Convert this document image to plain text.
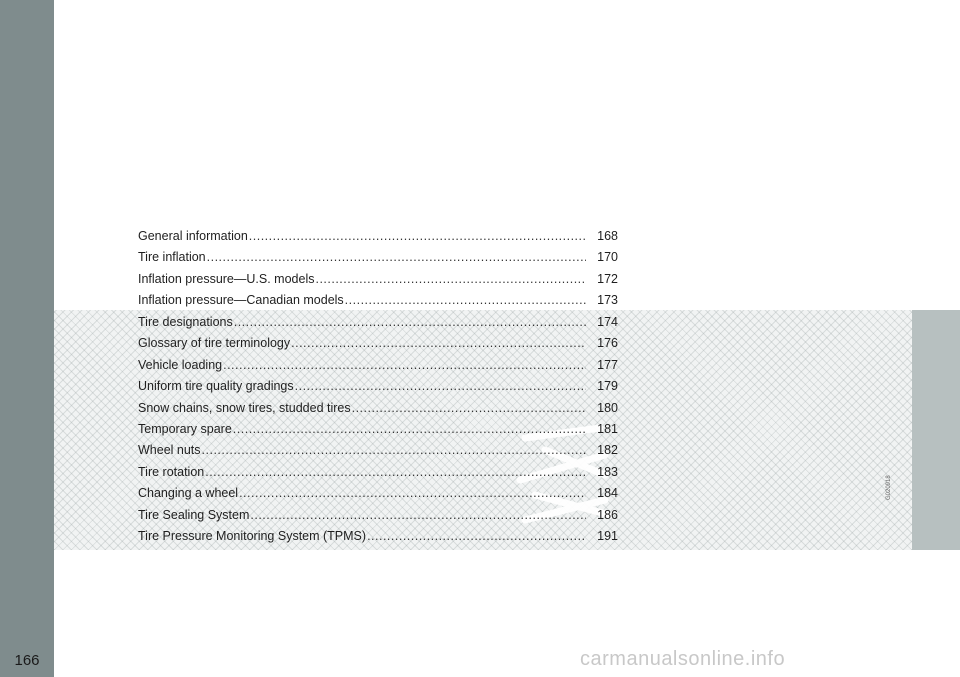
166
G020918
General information .....	168
Tire inflation .....	170
Inflation pressure—U.S. models .....	172
Inflation pressure—Canadian models .....	173
Tire designations .....	174
Glossary of tire terminology .....	176
Vehicle loading .....	177
Uniform tire quality gradings .....	179
Snow chains, snow tires, studded tires .....	180
Temporary spare .....	181
Wheel nuts .....	182
Tire rotation .....	183
Changing a wheel .....	184
Tire Sealing System .....	186
Tire Pressure Monitoring System (TPMS) .....	191
carmanualsonline.info
